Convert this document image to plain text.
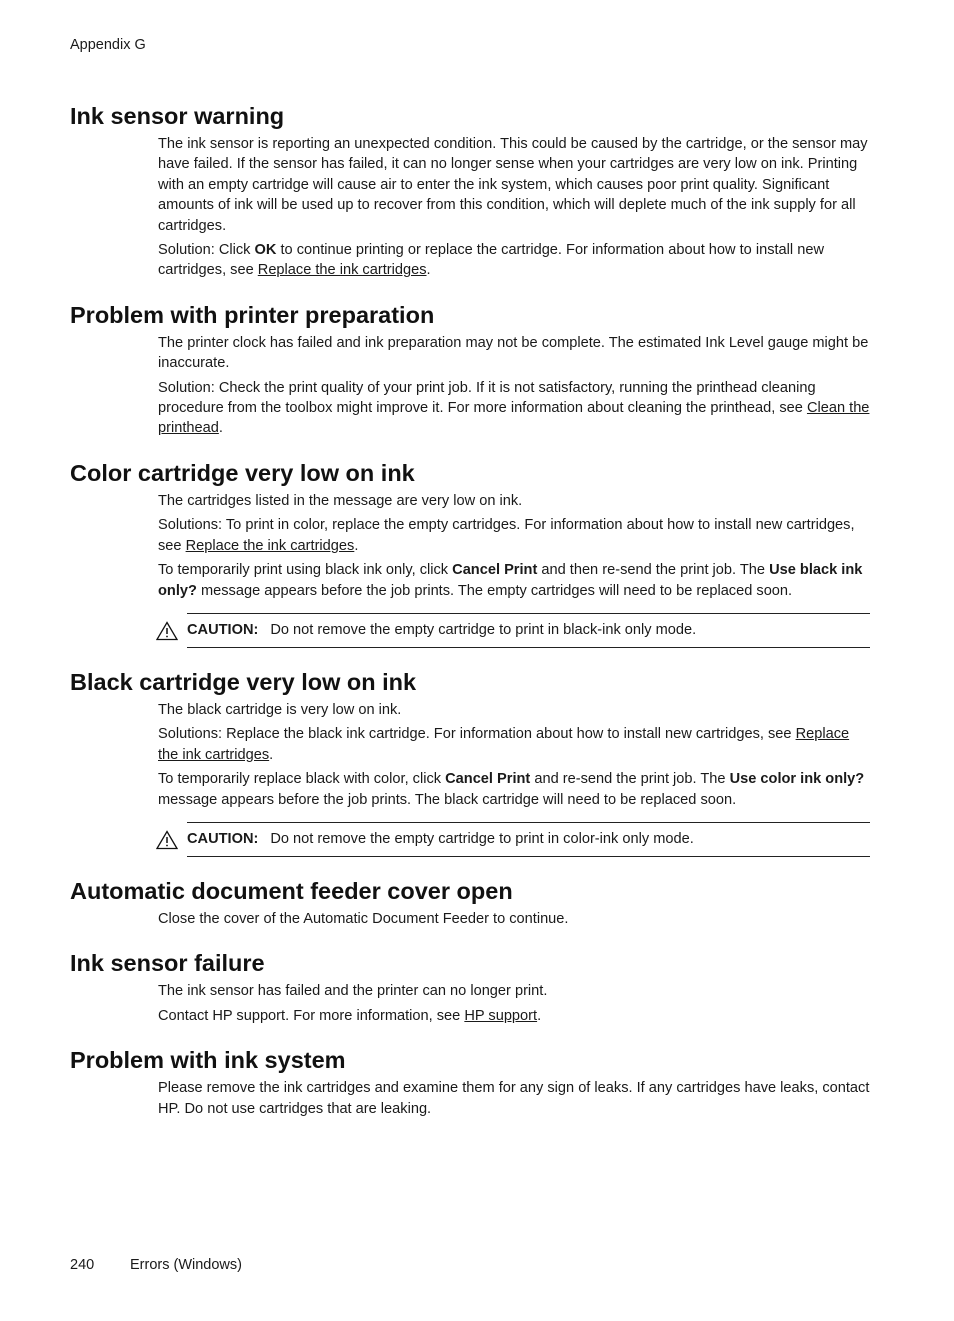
Appendix G
Ink sensor warning

The ink sensor is reporting an unexpected condition. This could be caused by the cartridge, or the sensor may have failed. If the sensor has failed, it can no longer sense when your cartridges are very low on ink. Printing with an empty cartridge will cause air to enter the ink system, which causes poor print quality. Significant amounts of ink will be used up to recover from this condition, which will deplete much of the ink supply for all cartridges.

Solution: Click OK to continue printing or replace the cartridge. For information about how to install new cartridges, see Replace the ink cartridges.

Problem with printer preparation

The printer clock has failed and ink preparation may not be complete. The estimated Ink Level gauge might be inaccurate.

Solution: Check the print quality of your print job. If it is not satisfactory, running the printhead cleaning procedure from the toolbox might improve it. For more information about cleaning the printhead, see Clean the printhead.

Color cartridge very low on ink

The cartridges listed in the message are very low on ink.

Solutions: To print in color, replace the empty cartridges. For information about how to install new cartridges, see Replace the ink cartridges.

To temporarily print using black ink only, click Cancel Print and then re-send the print job. The Use black ink only? message appears before the job prints. The empty cartridges will need to be replaced soon.

CAUTION: Do not remove the empty cartridge to print in black-ink only mode.
Black cartridge very low on ink

The black cartridge is very low on ink.

Solutions: Replace the black ink cartridge. For information about how to install new cartridges, see Replace the ink cartridges.

To temporarily replace black with color, click Cancel Print and re-send the print job. The Use color ink only? message appears before the job prints. The black cartridge will need to be replaced soon.

CAUTION: Do not remove the empty cartridge to print in color-ink only mode.
Automatic document feeder cover open

Close the cover of the Automatic Document Feeder to continue.

Ink sensor failure

The ink sensor has failed and the printer can no longer print.

Contact HP support. For more information, see HP support.

Problem with ink system

Please remove the ink cartridges and examine them for any sign of leaks. If any cartridges have leaks, contact HP. Do not use cartridges that are leaking.

240 Errors (Windows)
